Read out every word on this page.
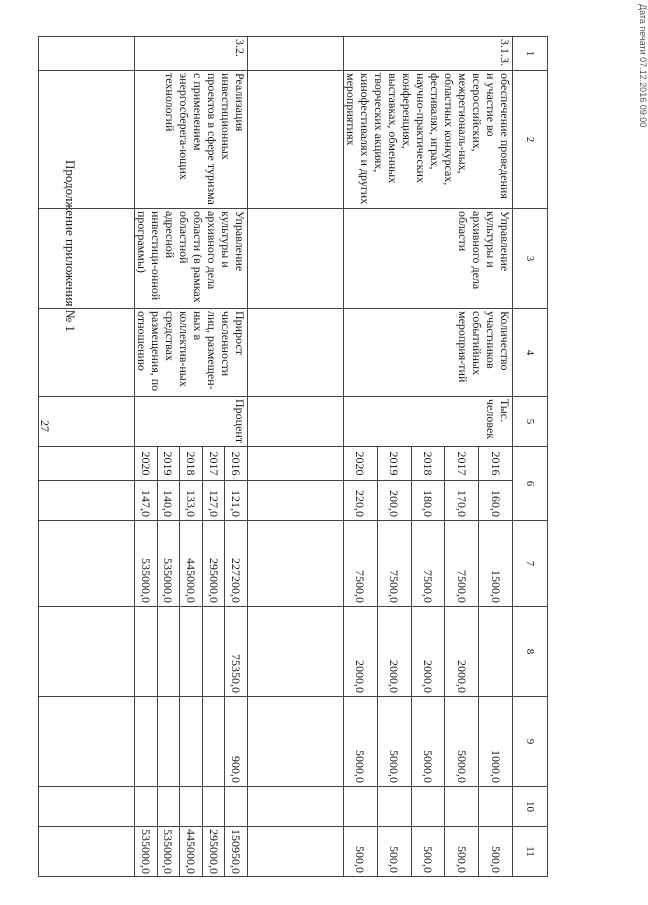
Дата печати 07.12.2016 09:00
Продолжение приложения № 1
27
1	2	3	4	5	6		7	8	9	10	11
3.1.3.	обеспечение проведения и участие во всероссийских, межрегиональ-ных, областных конкурсах, фестивалях, играх, научно-практических конференциях, выставках, обменных творческих акциях, кинофестивалях и других мероприятиях	Управление культуры и архивного дела области	Количество участников событийных мероприя-тий	Тыс. человек	2016	160,0	1500,0		1000,0		500,0
					2017	170,0	7500,0	2000,0	5000,0		500,0
					2018	180,0	7500,0	2000,0	5000,0		500,0
					2019	200,0	7500,0	2000,0	5000,0		500,0
					2020	220,0	7500,0	2000,0	5000,0		500,0

3.2.	Реализация инвестиционных проектов в сфере туризма с применением энергосберега-ющих технологий	Управление культуры и архивного дела области (в рамках областной адресной инвестици-онной программы)	Прирост численности лиц, размещен-ных в коллектив-ных средствах размещения, по отношению	Процент	2016	121,0	227200,0	75350,0	900,0		150950,0
					2017	127,0	295000,0				295000,0
					2018	133,0	445000,0				445000,0
					2019	140,0	535000,0				535000,0
					2020	147,0	535000,0				535000,0
